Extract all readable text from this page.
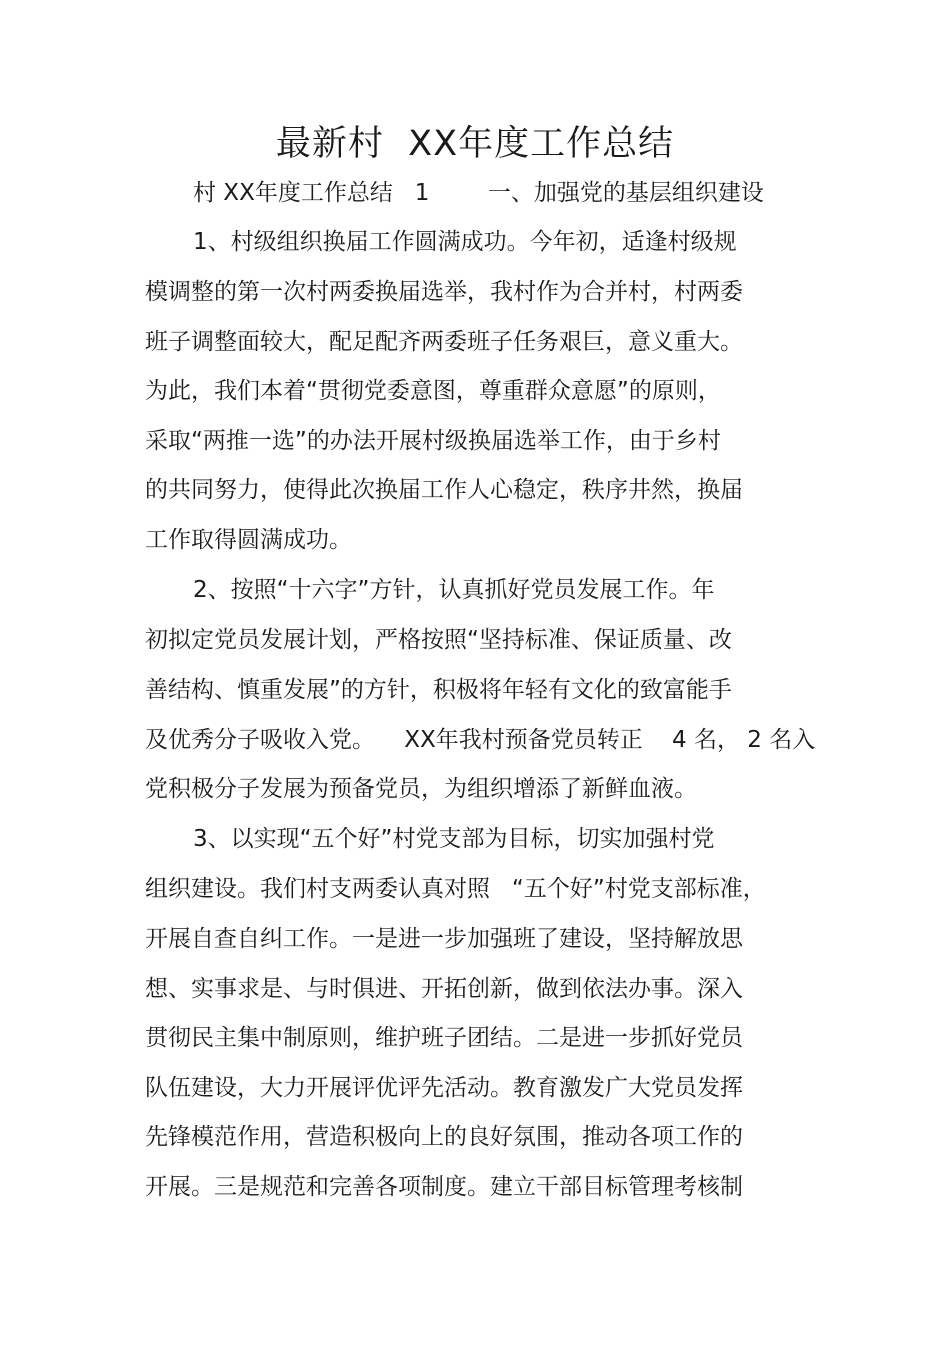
最新村  XX年度工作总结
村 XX年度工作总结   1        一、加强党的基层组织建设
1、村级组织换届工作圆满成功。今年初，适逢村级规
模调整的第一次村两委换届选举，我村作为合并村，村两委
班子调整面较大，配足配齐两委班子任务艰巨，意义重大。
为此，我们本着“贯彻党委意图，尊重群众意愿”的原则，
采取“两推一选”的办法开展村级换届选举工作，由于乡村
的共同努力，使得此次换届工作人心稳定，秩序井然，换届
工作取得圆满成功。
2、按照“十六字”方针，认真抓好党员发展工作。年
初拟定党员发展计划，严格按照“坚持标准、保证质量、改
善结构、慎重发展”的方针，积极将年轻有文化的致富能手
及优秀分子吸收入党。    XX年我村预备党员转正    4 名， 2 名入
党积极分子发展为预备党员，为组织增添了新鲜血液。
3、以实现“五个好”村党支部为目标，切实加强村党
组织建设。我们村支两委认真对照   “五个好”村党支部标准，
开展自查自纠工作。一是进一步加强班了建设，坚持解放思
想、实事求是、与时俱进、开拓创新，做到依法办事。深入
贯彻民主集中制原则，维护班子团结。二是进一步抓好党员
队伍建设，大力开展评优评先活动。教育激发广大党员发挥
先锋模范作用，营造积极向上的良好氛围，推动各项工作的
开展。三是规范和完善各项制度。建立干部目标管理考核制
